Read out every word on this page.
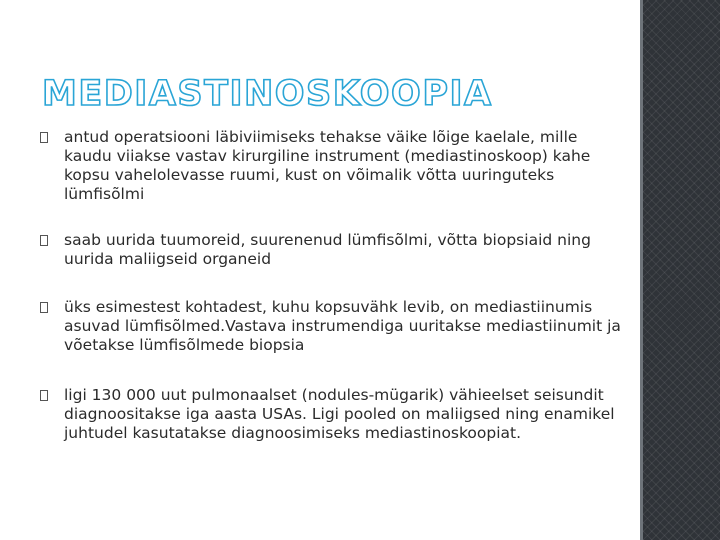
MEDIASTINOSKOOPIA
antud operatsiooni läbiviimiseks tehakse väike lõige kaelale, mille kaudu viiakse vastav kirurgiline instrument (mediastinoskoop) kahe kopsu vahelolevasse ruumi, kust on võimalik võtta uuringuteks lümfisõlmi
saab uurida tuumoreid, suurenenud lümfisõlmi, võtta biopsiaid ning uurida maliigseid organeid
üks esimestest kohtadest, kuhu kopsuvähk levib, on mediastiinumis asuvad lümfisõlmed.Vastava instrumendiga uuritakse mediastiinumit ja võetakse lümfisõlmede biopsia
ligi 130 000 uut pulmonaalset (nodules-mügarik) vähieelset seisundit diagnoositakse iga aasta USAs. Ligi pooled on maliigsed ning enamikel juhtudel kasutatakse diagnoosimiseks mediastinoskoopiat.
